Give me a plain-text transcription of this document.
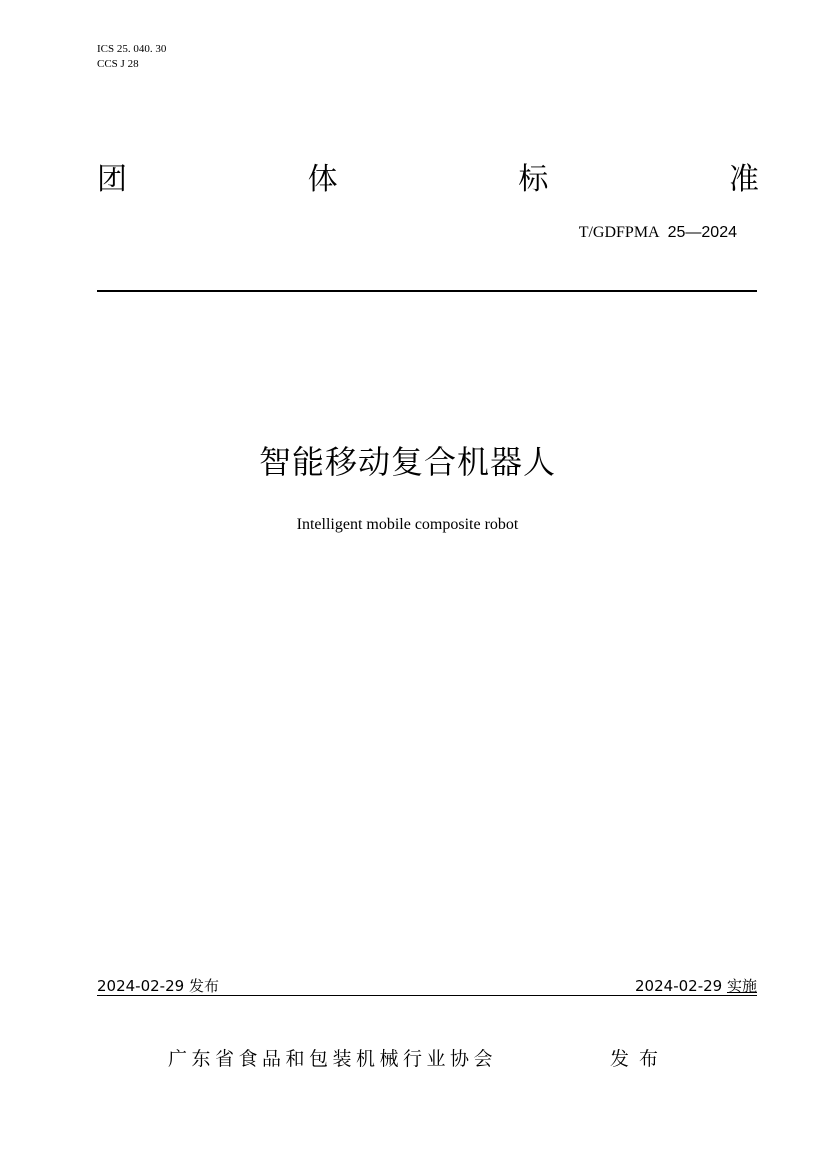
ICS 25. 040. 30
CCS J 28
团	体	标	准
T/GDFPMA 25—2024
智能移动复合机器人
Intelligent mobile composite robot
2024-02-29 发布	2024-02-29 实施
广东省食品和包装机械行业协会	发布
